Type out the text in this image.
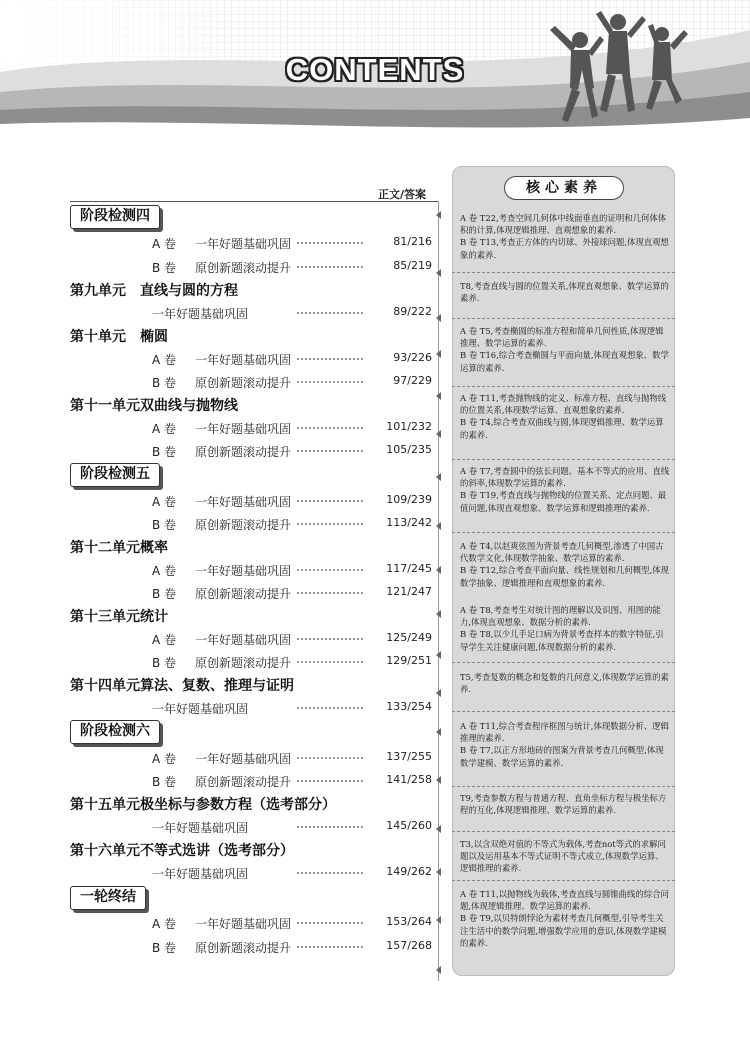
CONTENTS
正文/答案
阶段检测四
A 卷 一年好题基础巩固	81/216
B 卷 原创新题滚动提升	85/219
第九单元 直线与圆的方程
一年好题基础巩固	89/222
第十单元 椭圆
A 卷 一年好题基础巩固	93/226
B 卷 原创新题滚动提升	97/229
第十一单元 双曲线与抛物线
A 卷 一年好题基础巩固	101/232
B 卷 原创新题滚动提升	105/235
阶段检测五
A 卷 一年好题基础巩固	109/239
B 卷 原创新题滚动提升	113/242
第十二单元 概率
A 卷 一年好题基础巩固	117/245
B 卷 原创新题滚动提升	121/247
第十三单元 统计
A 卷 一年好题基础巩固	125/249
B 卷 原创新题滚动提升	129/251
第十四单元 算法、复数、推理与证明
一年好题基础巩固	133/254
阶段检测六
A 卷 一年好题基础巩固	137/255
B 卷 原创新题滚动提升	141/258
第十五单元 极坐标与参数方程（选考部分）
一年好题基础巩固	145/260
第十六单元 不等式选讲（选考部分）
一年好题基础巩固	149/262
一轮终结
A 卷 一年好题基础巩固	153/264
B 卷 原创新题滚动提升	157/268
核心素养

A 卷 T22,考查空间几何体中线面垂直的证明和几何体体积的计算,体现逻辑推理、直观想象的素养.

B 卷 T13,考查正方体的内切球、外接球问题,体现直观想象的素养.

T8,考查直线与圆的位置关系,体现直观想象、数学运算的素养.

A 卷 T5,考查椭圆的标准方程和简单几何性质,体现逻辑推理、数学运算的素养.

B 卷 T16,综合考查椭圆与平面向量,体现直观想象、数学运算的素养.

A 卷 T11,考查抛物线的定义、标准方程、直线与抛物线的位置关系,体现数学运算、直观想象的素养.

B 卷 T4,综合考查双曲线与圆,体现逻辑推理、数学运算的素养.

A 卷 T7,考查圆中的弦长问题、基本不等式的应用、直线的斜率,体现数学运算的素养.

B 卷 T19,考查直线与抛物线的位置关系、定点问题、最值问题,体现直观想象、数学运算和逻辑推理的素养.

A 卷 T4,以赵爽弦图为背景考查几何概型,渗透了中国古代数学文化,体现数学抽象、数学运算的素养.

B 卷 T12,综合考查平面向量、线性规划和几何概型,体现数学抽象、逻辑推理和直观想象的素养.

A 卷 T8,考查考生对统计图的理解以及识图、用图的能力,体现直观想象、数据分析的素养.

B 卷 T8,以少儿手足口病为背景考查样本的数字特征,引导学生关注健康问题,体现数据分析的素养.

T5,考查复数的概念和复数的几何意义,体现数学运算的素养.

A 卷 T11,综合考查程序框图与统计,体现数据分析、逻辑推理的素养.

B 卷 T7,以正方形地砖的图案为背景考查几何概型,体现数学建模、数学运算的素养.

T9,考查参数方程与普通方程、直角坐标方程与极坐标方程的互化,体现逻辑推理、数学运算的素养.

T3,以含双绝对值的不等式为载体,考查not等式的求解问题以及运用基本不等式证明不等式成立,体现数学运算、逻辑推理的素养.

A 卷 T11,以抛物线为载体,考查直线与圆锥曲线的综合问题,体现逻辑推理、数学运算的素养.

B 卷 T9,以贝特朗悖论为素材考查几何概型,引导考生关注生活中的数学问题,增强数学应用的意识,体现数学建模的素养.
